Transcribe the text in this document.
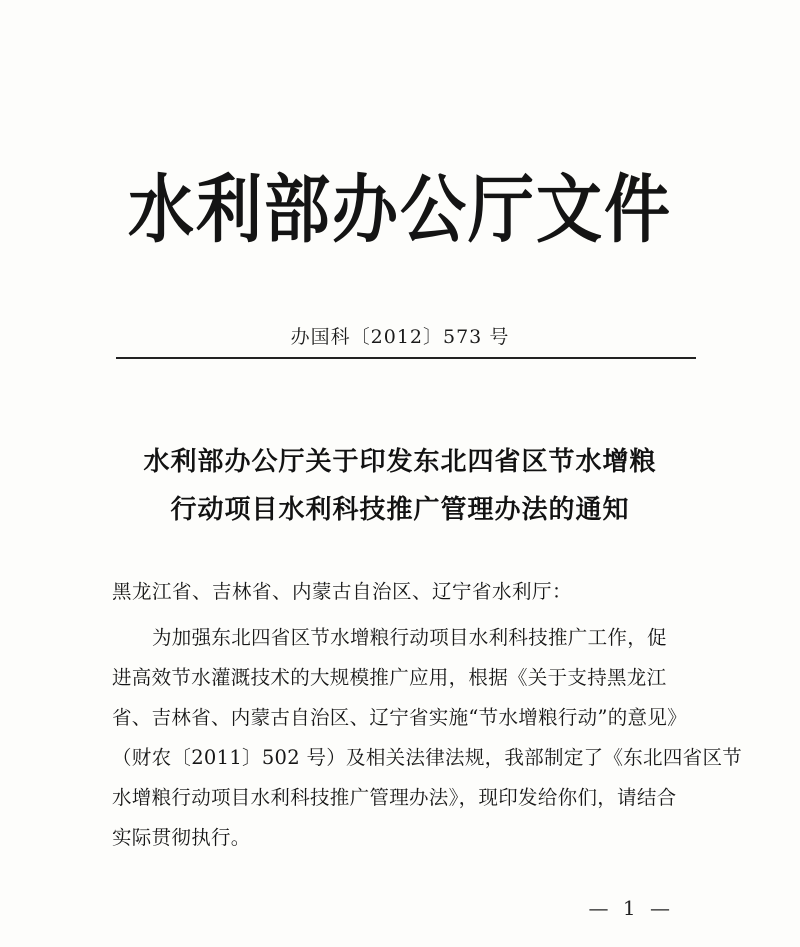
水利部办公厅文件
办国科〔2012〕573 号
水利部办公厅关于印发东北四省区节水增粮
行动项目水利科技推广管理办法的通知
黑龙江省、吉林省、内蒙古自治区、辽宁省水利厅：
为加强东北四省区节水增粮行动项目水利科技推广工作，促
进高效节水灌溉技术的大规模推广应用，根据《关于支持黑龙江
省、吉林省、内蒙古自治区、辽宁省实施“节水增粮行动”的意见》
（财农〔2011〕502 号）及相关法律法规，我部制定了《东北四省区节
水增粮行动项目水利科技推广管理办法》，现印发给你们，请结合
实际贯彻执行。
— 1 —
